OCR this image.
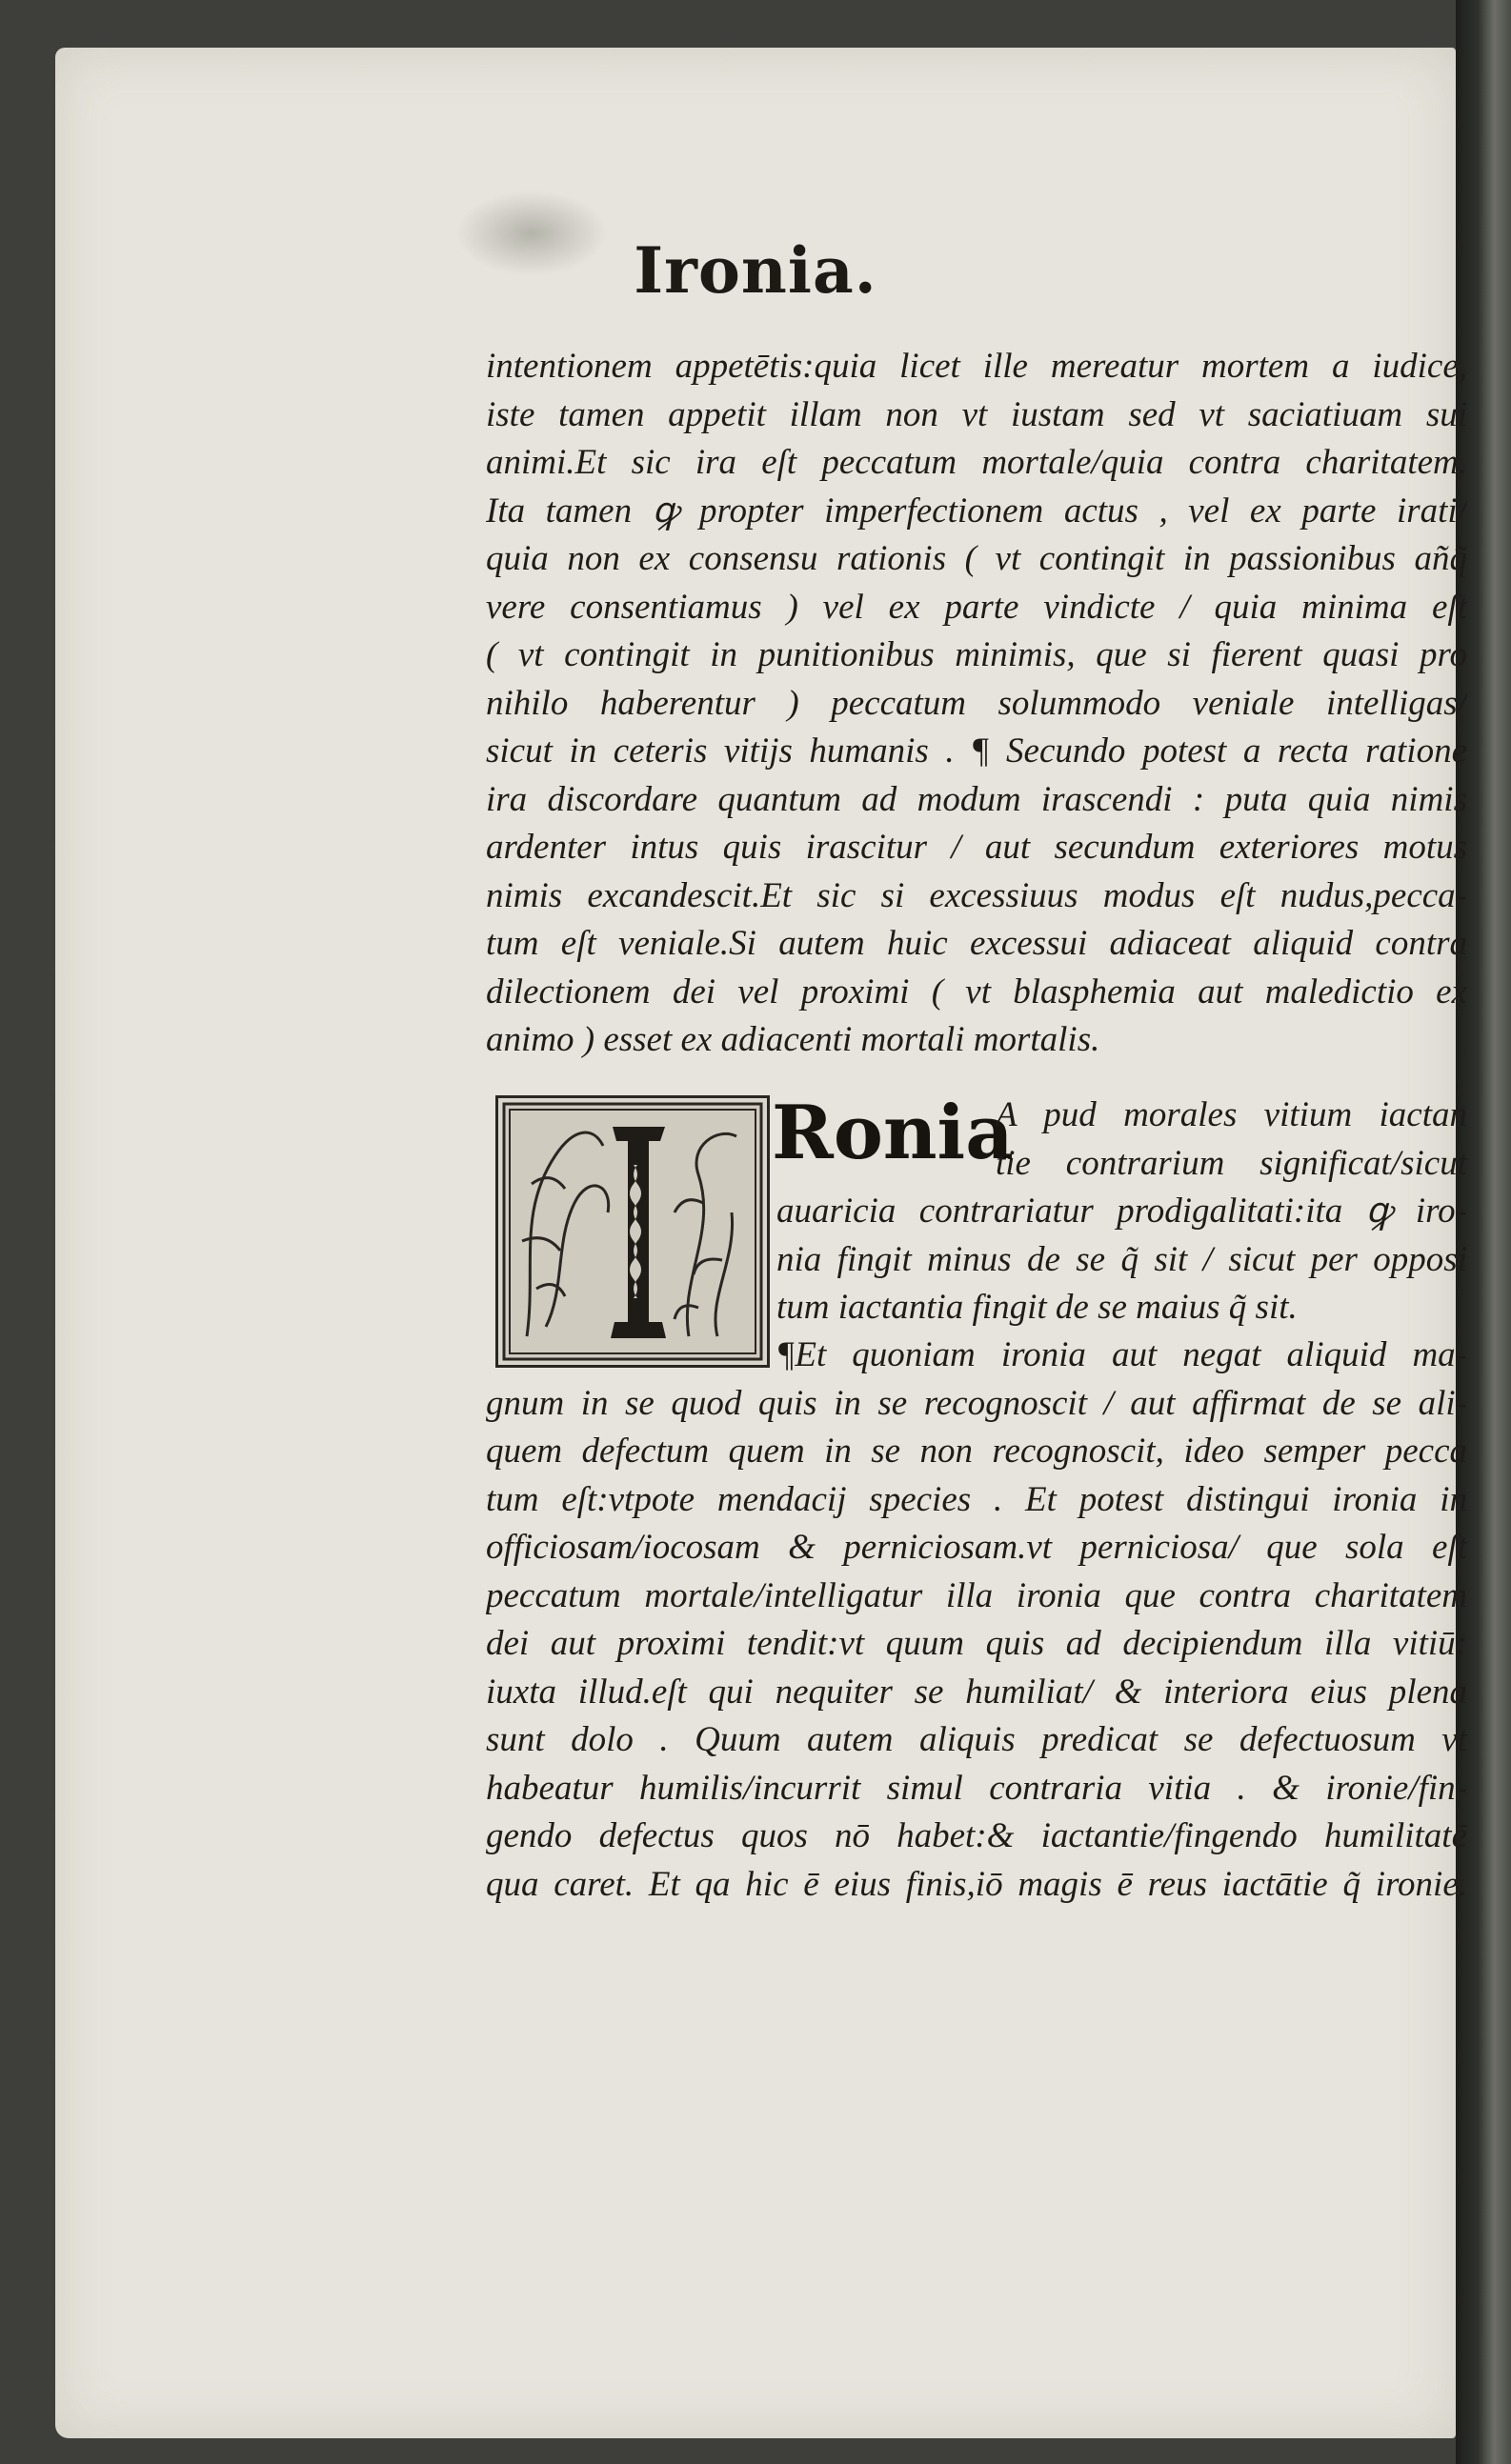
Ironia.
intentionem appetētis:quia licet ille mereatur mortem a iudice,
iste tamen appetit illam non vt iustam sed vt saciatiuam sui
animi.Et sic ira eſt peccatum mortale/quia contra charitatem.
Ita tamen ꝙ propter imperfectionem actus , vel ex parte irati/
quia non ex consensu rationis ( vt contingit in passionibus añq̃
vere consentiamus ) vel ex parte vindicte / quia minima eſt
( vt contingit in punitionibus minimis, que si fierent quasi pro
nihilo haberentur ) peccatum solummodo veniale intelligas/
sicut in ceteris vitijs humanis . ¶ Secundo potest a recta ratione
ira discordare quantum ad modum irascendi : puta quia nimis
ardenter intus quis irascitur / aut secundum exteriores motus
nimis excandescit.Et sic si excessiuus modus eſt nudus,pecca-
tum eſt veniale.Si autem huic excessui adiaceat aliquid contra
dilectionem dei vel proximi ( vt blasphemia aut maledictio ex
animo ) esset ex adiacenti mortali mortalis.
Ronia
A pud morales vitium iactan
tie contrarium significat/sicut
auaricia contrariatur prodigalitati:ita ꝙ iro-
nia fingit minus de se q̃ sit / sicut per opposi
tum iactantia fingit de se maius q̃ sit.
¶Et quoniam ironia aut negat aliquid ma-
gnum in se quod quis in se recognoscit / aut affirmat de se ali-
quem defectum quem in se non recognoscit, ideo semper pecca
tum eſt:vtpote mendacij species . Et potest distingui ironia in
officiosam/iocosam & perniciosam.vt perniciosa/ que sola eſt
peccatum mortale/intelligatur illa ironia que contra charitatem
dei aut proximi tendit:vt quum quis ad decipiendum illa vitiū:
iuxta illud.eſt qui nequiter se humiliat/ & interiora eius plena
sunt dolo . Quum autem aliquis predicat se defectuosum vt
habeatur humilis/incurrit simul contraria vitia . & ironie/fin-
gendo defectus quos nō habet:& iactantie/fingendo humilitatē
qua caret. Et qa hic ē eius finis,iō magis ē reus iactātie q̃ ironie.
